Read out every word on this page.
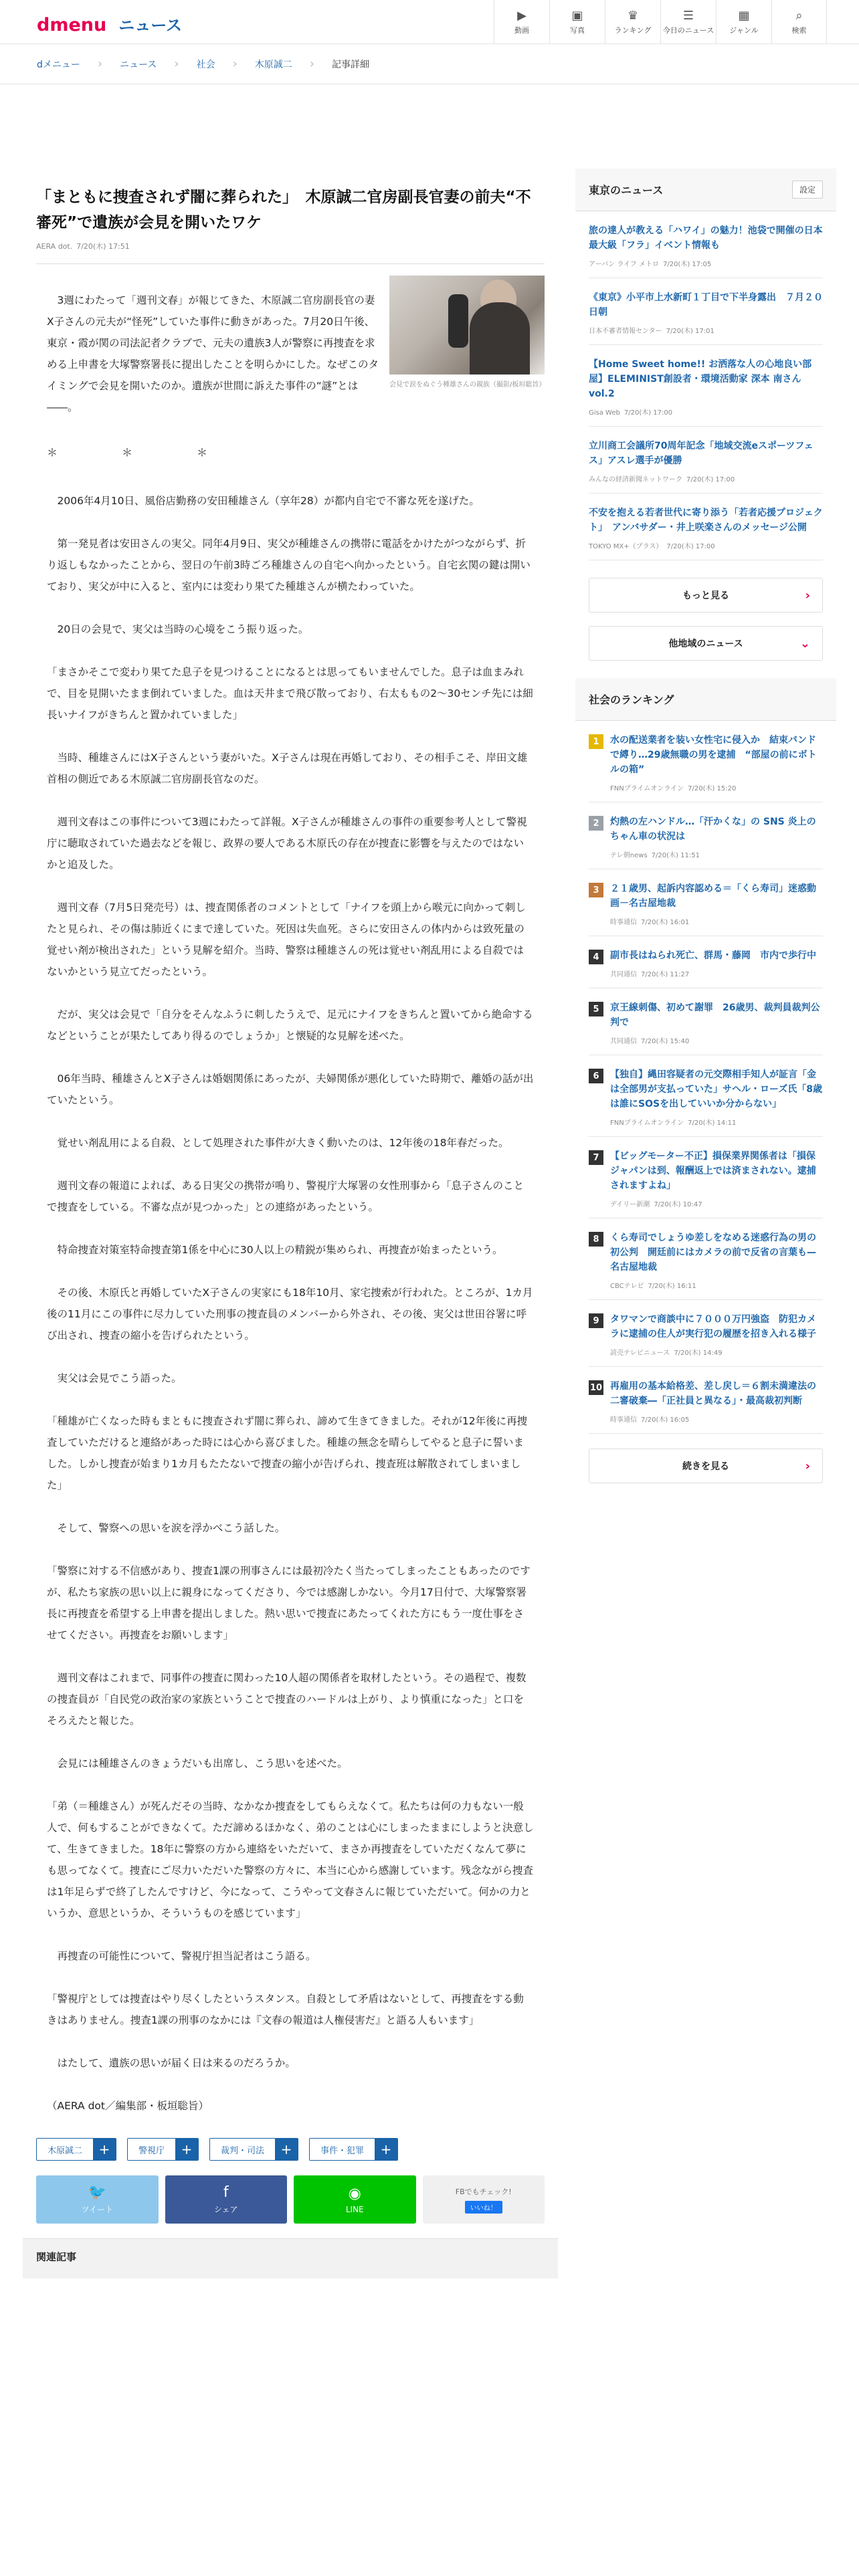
dmenu ニュース
▶
動画
▣
写真
♛
ランキング
☰
今日のニュース
▦
ジャンル
⌕
検索
dメニュー › ニュース › 社会 › 木原誠二 › 記事詳細
「まともに捜査されず闇に葬られた」　木原誠二官房副長官妻の前夫“不審死”で遺族が会見を開いたワケ
AERA dot. 7/20(木) 17:51
会見で涙をぬぐう種雄さんの親族（撮影/板垣聡旨）

　3週にわたって「週刊文春」が報じてきた、木原誠二官房副長官の妻X子さんの元夫が“怪死”していた事件に動きがあった。7月20日午後、東京・霞が関の司法記者クラブで、元夫の遺族3人が警察に再捜査を求める上申書を大塚警察署長に提出したことを明らかにした。なぜこのタイミングで会見を開いたのか。遺族が世間に訴えた事件の“謎”とは――。

＊　＊　＊

　2006年4月10日、風俗店勤務の安田種雄さん（享年28）が都内自宅で不審な死を遂げた。

　第一発見者は安田さんの実父。同年4月9日、実父が種雄さんの携帯に電話をかけたがつながらず、折り返しもなかったことから、翌日の午前3時ごろ種雄さんの自宅へ向かったという。自宅玄関の鍵は開いており、実父が中に入ると、室内には変わり果てた種雄さんが横たわっていた。

　20日の会見で、実父は当時の心境をこう振り返った。

「まさかそこで変わり果てた息子を見つけることになるとは思ってもいませんでした。息子は血まみれで、目を見開いたまま倒れていました。血は天井まで飛び散っており、右太ももの2～30センチ先には細長いナイフがきちんと置かれていました」

　当時、種雄さんにはX子さんという妻がいた。X子さんは現在再婚しており、その相手こそ、岸田文雄首相の側近である木原誠二官房副長官なのだ。

　週刊文春はこの事件について3週にわたって詳報。X子さんが種雄さんの事件の重要参考人として警視庁に聴取されていた過去などを報じ、政界の要人である木原氏の存在が捜査に影響を与えたのではないかと追及した。

　週刊文春（7月5日発売号）は、捜査関係者のコメントとして「ナイフを頭上から喉元に向かって刺したと見られ、その傷は肺近くにまで達していた。死因は失血死。さらに安田さんの体内からは致死量の覚せい剤が検出された」という見解を紹介。当時、警察は種雄さんの死は覚せい剤乱用による自殺ではないかという見立てだったという。

　だが、実父は会見で「自分をそんなふうに刺したうえで、足元にナイフをきちんと置いてから絶命するなどということが果たしてあり得るのでしょうか」と懐疑的な見解を述べた。

　06年当時、種雄さんとX子さんは婚姻関係にあったが、夫婦関係が悪化していた時期で、離婚の話が出ていたという。

　覚せい剤乱用による自殺、として処理された事件が大きく動いたのは、12年後の18年春だった。

　週刊文春の報道によれば、ある日実父の携帯が鳴り、警視庁大塚署の女性刑事から「息子さんのことで捜査をしている。不審な点が見つかった」との連絡があったという。

　特命捜査対策室特命捜査第1係を中心に30人以上の精鋭が集められ、再捜査が始まったという。

　その後、木原氏と再婚していたX子さんの実家にも18年10月、家宅捜索が行われた。ところが、1カ月後の11月にこの事件に尽力していた刑事の捜査員のメンバーから外され、その後、実父は世田谷署に呼び出され、捜査の縮小を告げられたという。

　実父は会見でこう語った。

「種雄が亡くなった時もまともに捜査されず闇に葬られ、諦めて生きてきました。それが12年後に再捜査していただけると連絡があった時には心から喜びました。種雄の無念を晴らしてやると息子に誓いました。しかし捜査が始まり1カ月もたたないで捜査の縮小が告げられ、捜査班は解散されてしまいました」

　そして、警察への思いを涙を浮かべこう話した。

「警察に対する不信感があり、捜査1課の刑事さんには最初冷たく当たってしまったこともあったのですが、私たち家族の思い以上に親身になってくださり、今では感謝しかない。今月17日付で、大塚警察署長に再捜査を希望する上申書を提出しました。熱い思いで捜査にあたってくれた方にもう一度仕事をさせてください。再捜査をお願いします」

　週刊文春はこれまで、同事件の捜査に関わった10人超の関係者を取材したという。その過程で、複数の捜査員が「自民党の政治家の家族ということで捜査のハードルは上がり、より慎重になった」と口をそろえたと報じた。

　会見には種雄さんのきょうだいも出席し、こう思いを述べた。

「弟（＝種雄さん）が死んだその当時、なかなか捜査をしてもらえなくて。私たちは何の力もない一般人で、何もすることができなくて。ただ諦めるほかなく、弟のことは心にしまったままにしようと決意して、生きてきました。18年に警察の方から連絡をいただいて、まさか再捜査をしていただくなんて夢にも思ってなくて。捜査にご尽力いただいた警察の方々に、本当に心から感謝しています。残念ながら捜査は1年足らずで終了したんですけど、今になって、こうやって文春さんに報じていただいて。何かの力というか、意思というか、そういうものを感じています」

　再捜査の可能性について、警視庁担当記者はこう語る。

「警視庁としては捜査はやり尽くしたというスタンス。自殺として矛盾はないとして、再捜査をする動きはありません。捜査1課の刑事のなかには『文春の報道は人権侵害だ』と語る人もいます」

　はたして、遺族の思いが届く日は来るのだろうか。

（AERA dot／編集部・板垣聡旨）

木原誠二	+	警視庁	+	裁判・司法	+	事件・犯罪	+
🐦
ツイート
f
シェア
◉
LINE
FBでもチェック!
いいね！
関連記事
東京のニュース	設定
旅の達人が教える「ハワイ」の魅力！池袋で開催の日本最大級「フラ」イベント情報も
アーバン ライフ メトロ 7/20(木) 17:05
《東京》小平市上水新町１丁目で下半身露出　７月２０日朝
日本不審者情報センター 7/20(木) 17:01
【Home Sweet home!! お洒落な人の心地良い部屋】ELEMINIST創設者・環境活動家 深本 南さん vol.2
Gisa Web 7/20(木) 17:00
立川商工会議所70周年記念「地域交流eスポーツフェス」アスレ選手が優勝
みんなの経済新聞ネットワーク 7/20(木) 17:00
不安を抱える若者世代に寄り添う「若者応援プロジェクト」　アンバサダー・井上咲楽さんのメッセージ公開
TOKYO MX+（プラス） 7/20(木) 17:00
もっと見る	›
他地域のニュース	⌄
社会のランキング
1	水の配送業者を装い女性宅に侵入か　結束バンドで縛り…29歳無職の男を逮捕　“部屋の前にボトルの箱”
FNNプライムオンライン 7/20(木) 15:20
2	灼熱の左ハンドル…「汗かくな」の SNS 炎上のちゃん車の状況は
テレ朝news 7/20(木) 11:51
3	２１歳男、起訴内容認める＝「くら寿司」迷惑動画－名古屋地裁
時事通信 7/20(木) 16:01
4	副市長はねられ死亡、群馬・藤岡　市内で歩行中
共同通信 7/20(木) 11:27
5	京王線刺傷、初めて謝罪　26歳男、裁判員裁判公判で
共同通信 7/20(木) 15:40
6	【独自】縄田容疑者の元交際相手知人が証言「金は全部男が支払っていた」サヘル・ローズ氏「8歳は誰にSOSを出していいか分からない」
FNNプライムオンライン 7/20(木) 14:11
7	【ビッグモーター不正】損保業界関係者は「損保ジャパンは到、報酬返上では済まされない。逮捕されますよね」
デイリー新潮 7/20(木) 10:47
8	くら寿司でしょうゆ差しをなめる迷惑行為の男の初公判　開廷前にはカメラの前で反省の言葉も—名古屋地裁
CBCテレビ 7/20(木) 16:11
9	タワマンで商談中に７０００万円強盗　防犯カメラに逮捕の住人が実行犯の履歴を招き入れる様子
読売テレビニュース 7/20(木) 14:49
10 再雇用の基本給格差、差し戻し＝６割未満違法の二審破棄―「正社員と異なる」・最高裁初判断
時事通信 7/20(木) 16:05
続きを見る	›
